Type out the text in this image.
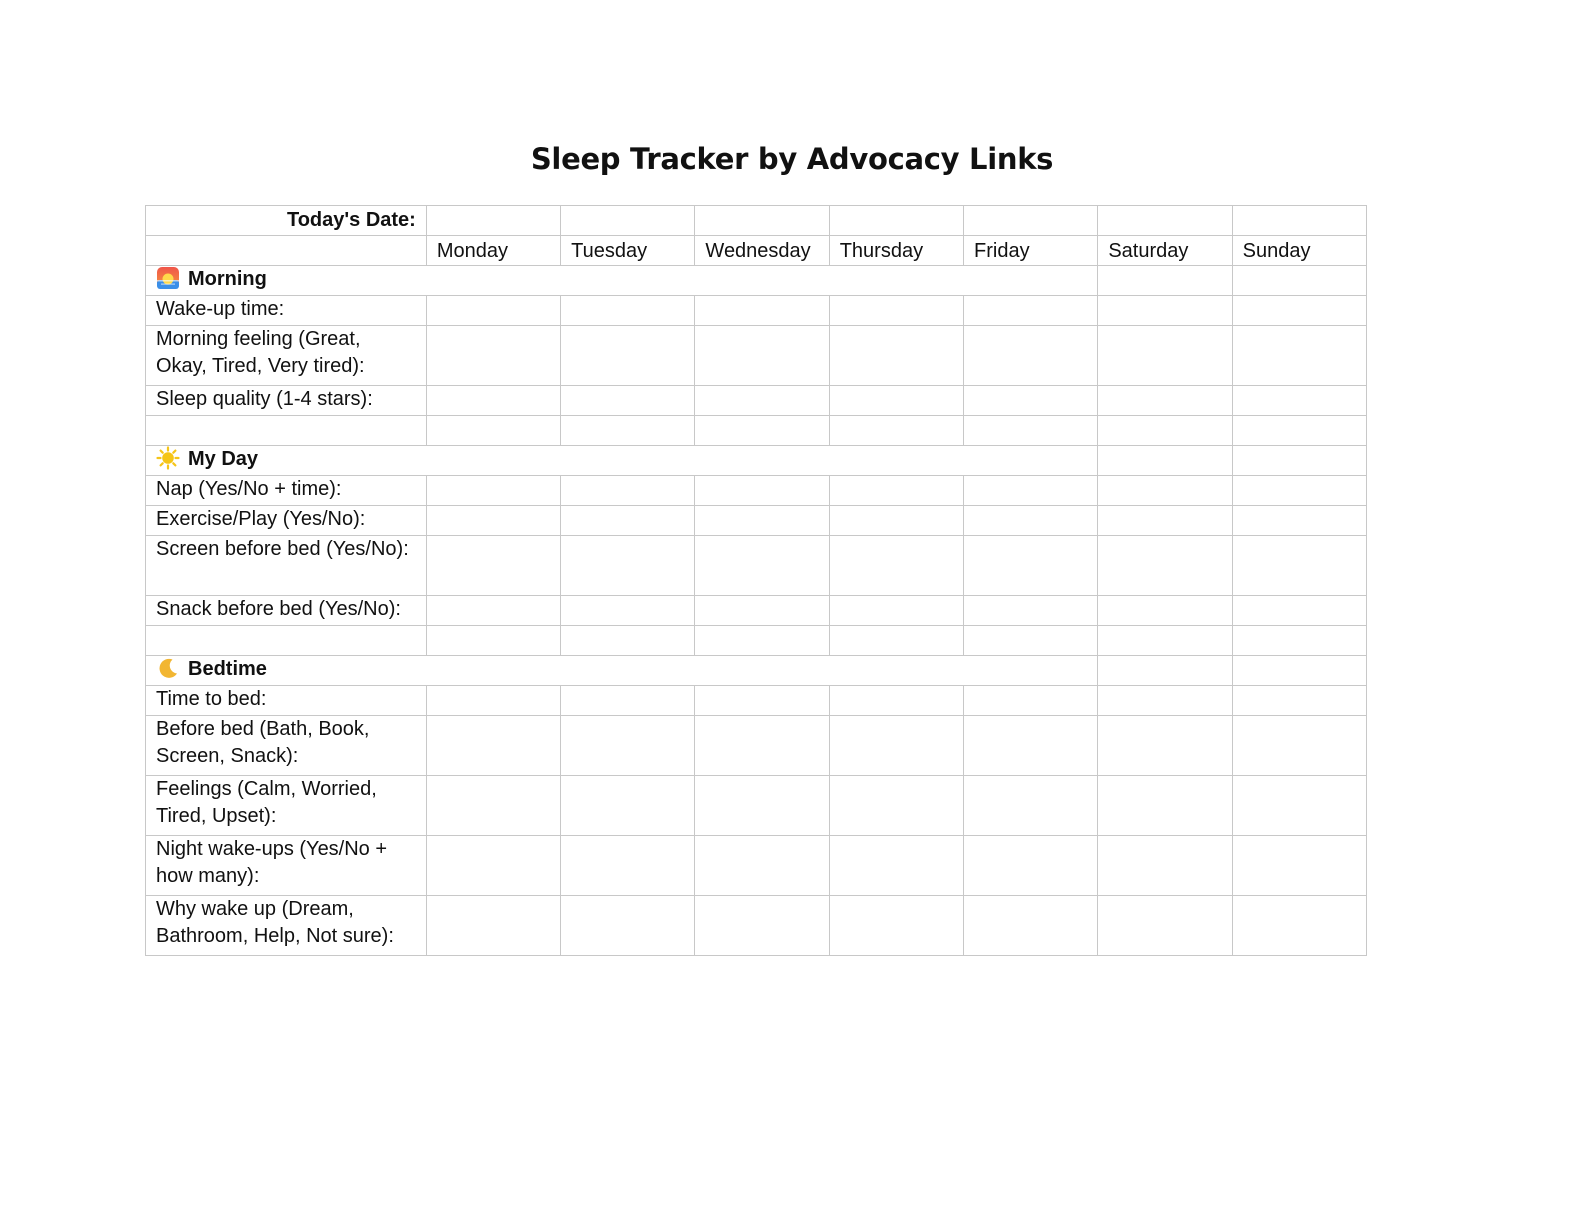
Sleep Tracker by Advocacy Links
Today's Date:							
	Monday	Tuesday	Wednesday	Thursday	Friday	Saturday	Sunday
Morning							
Wake-up time:							
Morning feeling (Great, Okay, Tired, Very tired):							
Sleep quality (1-4 stars):							

My Day							
Nap (Yes/No + time):							
Exercise/Play (Yes/No):							
Screen before bed (Yes/No):							
Snack before bed (Yes/No):							

Bedtime							
Time to bed:							
Before bed (Bath, Book, Screen, Snack):							
Feelings (Calm, Worried, Tired, Upset):							
Night wake-ups (Yes/No + how many):							
Why wake up (Dream, Bathroom, Help, Not sure):							
